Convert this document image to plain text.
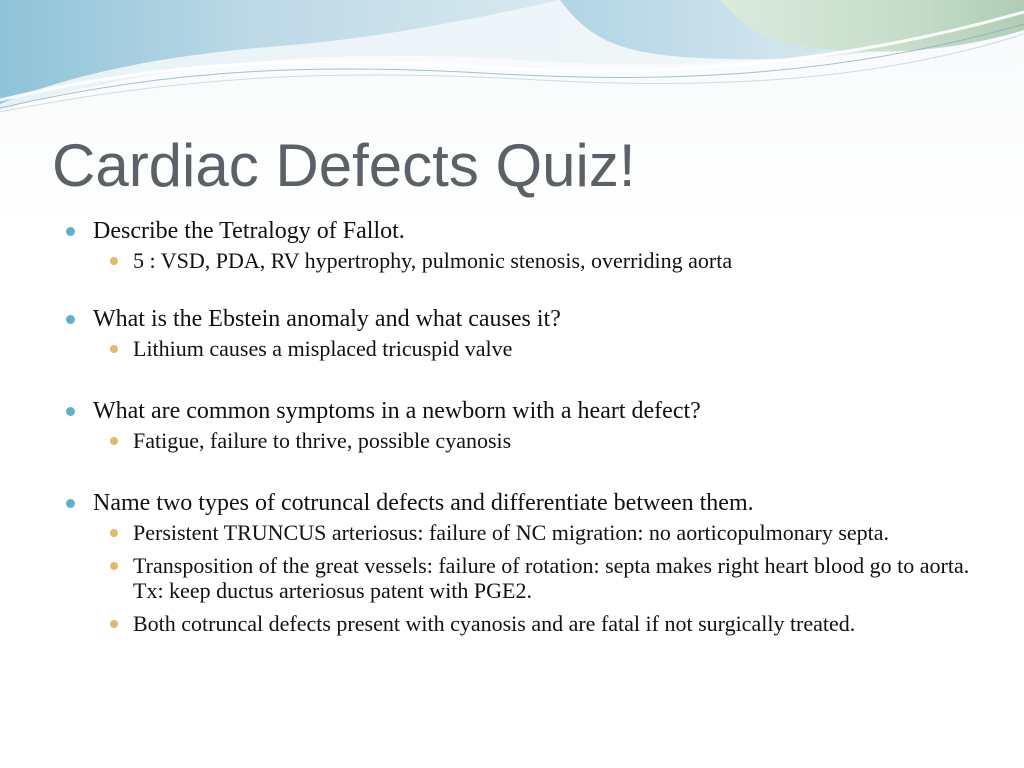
Cardiac Defects Quiz!
Describe the Tetralogy of Fallot.
5 : VSD, PDA, RV hypertrophy, pulmonic stenosis, overriding aorta
What is the Ebstein anomaly and what causes it?
Lithium causes a misplaced tricuspid valve
What are common symptoms in a newborn with a heart defect?
Fatigue, failure to thrive, possible cyanosis
Name two types of cotruncal defects and differentiate between them.
Persistent TRUNCUS arteriosus: failure of NC migration: no aorticopulmonary septa.
Transposition of the great vessels: failure of rotation: septa makes right heart blood go to aorta. Tx: keep ductus arteriosus patent with PGE2.
Both cotruncal defects present with cyanosis and are fatal if not surgically treated.
